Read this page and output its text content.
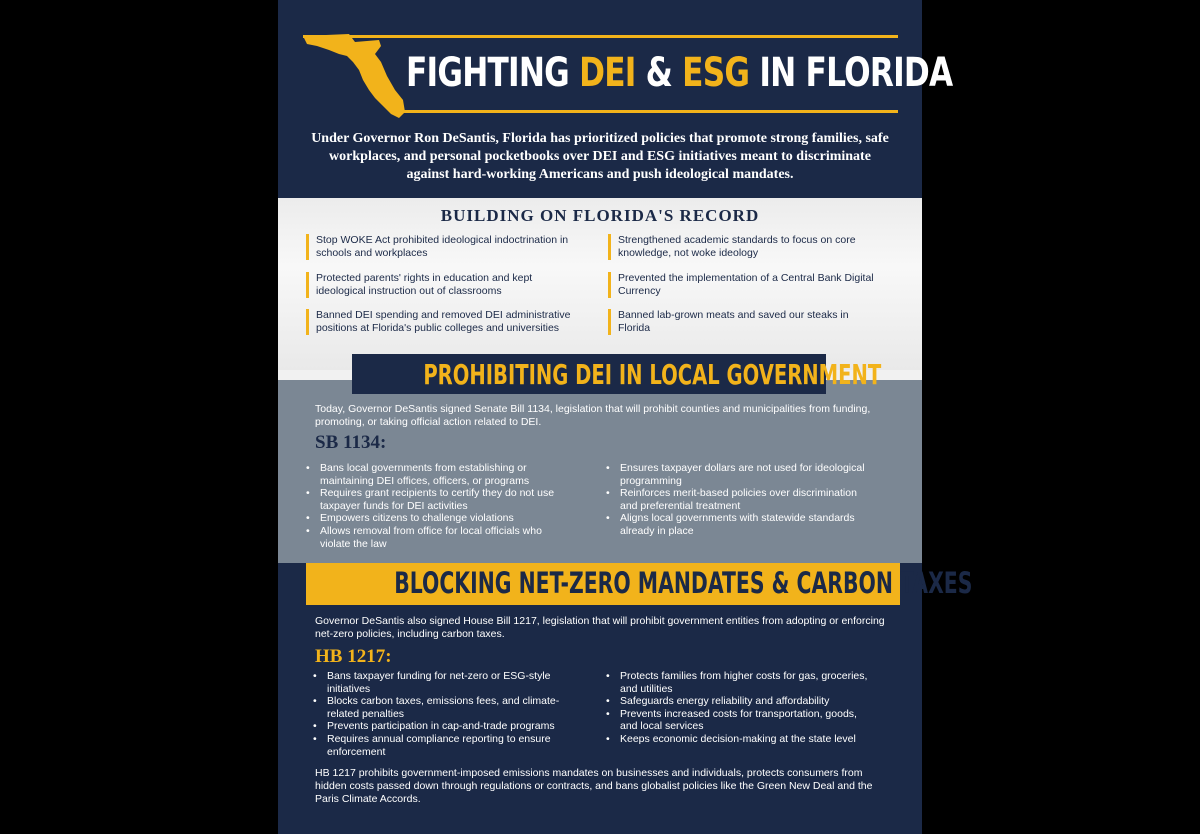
FIGHTING DEI & ESG IN FLORIDA
Under Governor Ron DeSantis, Florida has prioritized policies that promote strong families, safe workplaces, and personal pocketbooks over DEI and ESG initiatives meant to discriminate against hard-working Americans and push ideological mandates.
BUILDING ON FLORIDA'S RECORD
Stop WOKE Act prohibited ideological indoctrination in schools and workplaces
Protected parents' rights in education and kept ideological instruction out of classrooms
Banned DEI spending and removed DEI administrative positions at Florida's public colleges and universities
Strengthened academic standards to focus on core knowledge, not woke ideology
Prevented the implementation of a Central Bank Digital Currency
Banned lab-grown meats and saved our steaks in Florida
PROHIBITING DEI IN LOCAL GOVERNMENT
Today, Governor DeSantis signed Senate Bill 1134, legislation that will prohibit counties and municipalities from funding, promoting, or taking official action related to DEI.
SB 1134:
• Bans local governments from establishing or maintaining DEI offices, officers, or programs
• Requires grant recipients to certify they do not use taxpayer funds for DEI activities
• Empowers citizens to challenge violations
• Allows removal from office for local officials who violate the law
• Ensures taxpayer dollars are not used for ideological programming
• Reinforces merit-based policies over discrimination and preferential treatment
• Aligns local governments with statewide standards already in place
BLOCKING NET-ZERO MANDATES & CARBON TAXES
Governor DeSantis also signed House Bill 1217, legislation that will prohibit government entities from adopting or enforcing net-zero policies, including carbon taxes.
HB 1217:
• Bans taxpayer funding for net-zero or ESG-style initiatives
• Blocks carbon taxes, emissions fees, and climate-related penalties
• Prevents participation in cap-and-trade programs
• Requires annual compliance reporting to ensure enforcement
• Protects families from higher costs for gas, groceries, and utilities
• Safeguards energy reliability and affordability
• Prevents increased costs for transportation, goods, and local services
• Keeps economic decision-making at the state level
HB 1217 prohibits government-imposed emissions mandates on businesses and individuals, protects consumers from hidden costs passed down through regulations or contracts, and bans globalist policies like the Green New Deal and the Paris Climate Accords.
